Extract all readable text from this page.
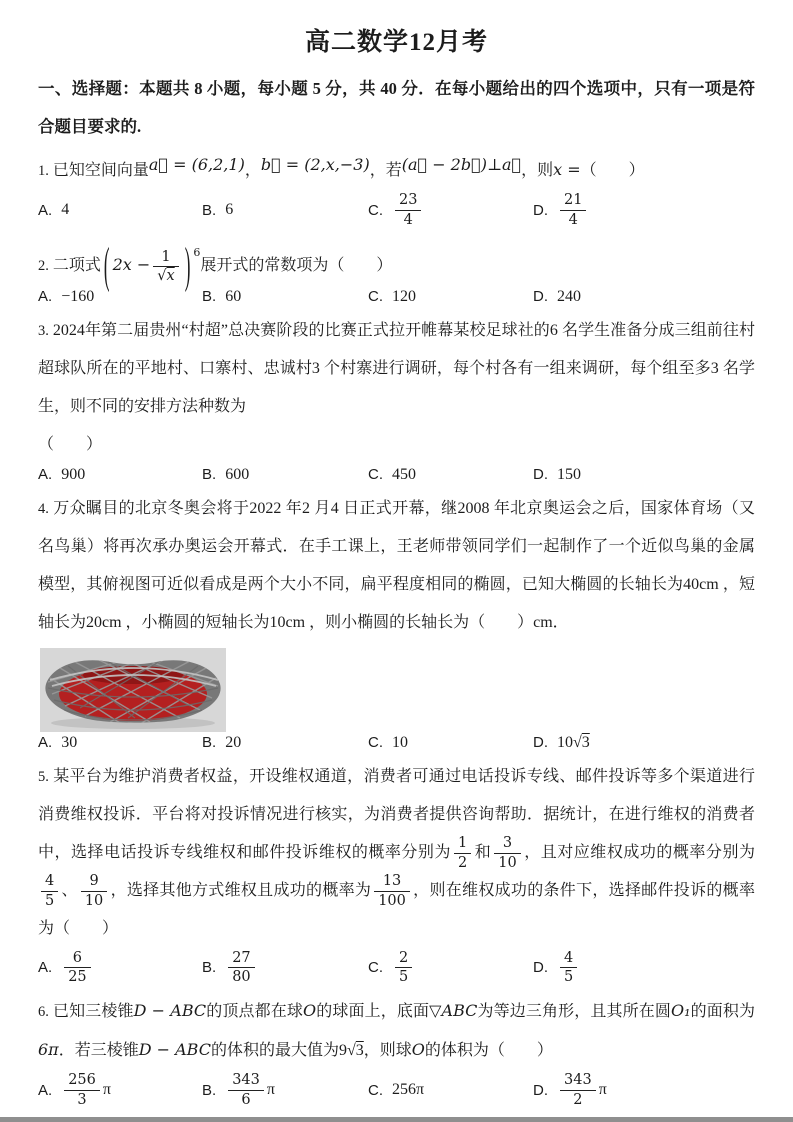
高二数学12月考

一、选择题：本题共 8 小题，每小题 5 分，共 40 分．在每小题给出的四个选项中，只有一项是符合题目要求的.

1. 已知空间向量a⃗ = (6,2,1)，b⃗ = (2,x,−3)，若(a⃗ − 2b⃗)⊥a⃗，则x =（　　）

A. 4	B. 6	C. $\frac{23}{4}$	D. $\frac{21}{4}$

2. 二项式 ( $2x - \frac{1}{√x}$ ) $^6$展开式的常数项为（　　）

A. −160	B. 60	C. 120	D. 240

3. 2024年第二届贵州“村超”总决赛阶段的比赛正式拉开帷幕某校足球社的6 名学生准备分成三组前往村超球队所在的平地村、口寨村、忠诚村3 个村寨进行调研，每个村各有一组来调研，每个组至多3 名学生，则不同的安排方法种数为

（　　）

A. 900	B. 600	C. 450	D. 150

4. 万众瞩目的北京冬奥会将于2022 年2 月4 日正式开幕，继2008 年北京奥运会之后，国家体育场（又名鸟巢）将再次承办奥运会开幕式．在手工课上，王老师带领同学们一起制作了一个近似鸟巢的金属模型，其俯视图可近似看成是两个大小不同，扁平程度相同的椭圆，已知大椭圆的长轴长为40cm ，短轴长为20cm ，小椭圆的短轴长为10cm ，则小椭圆的长轴长为（　　）cm．

A. 30	B. 20	C. 10	D. 10√3

5. 某平台为维护消费者权益，开设维权通道，消费者可通过电话投诉专线、邮件投诉等多个渠道进行消费维权投诉．平台将对投诉情况进行核实，为消费者提供咨询帮助．据统计，在进行维权的消费者中，选择电话投诉专线维权和邮件投诉维权的概率分别为 $\frac{1}{2}$ 和 $\frac{3}{10}$ ，且对应维权成功的概率分别为
$\frac{4}{5}$ 、 $\frac{9}{10}$ ，选择其他方式维权且成功的概率为 $\frac{13}{100}$ ，则在维权成功的条件下，选择邮件投诉的概率为（　　）

A. $\frac{6}{25}$	B. $\frac{27}{80}$	C. $\frac{2}{5}$	D. $\frac{4}{5}$

6. 已知三棱锥D − ABC的顶点都在球O的球面上，底面▽ABC为等边三角形，且其所在圆O₁的面积为6π．若三棱锥D − ABC的体积的最大值为9√3，则球O的体积为（　　）

A. $\frac{256}{3}$ π	B. $\frac{343}{6}$ π	C. 256π	D. $\frac{343}{2}$ π
